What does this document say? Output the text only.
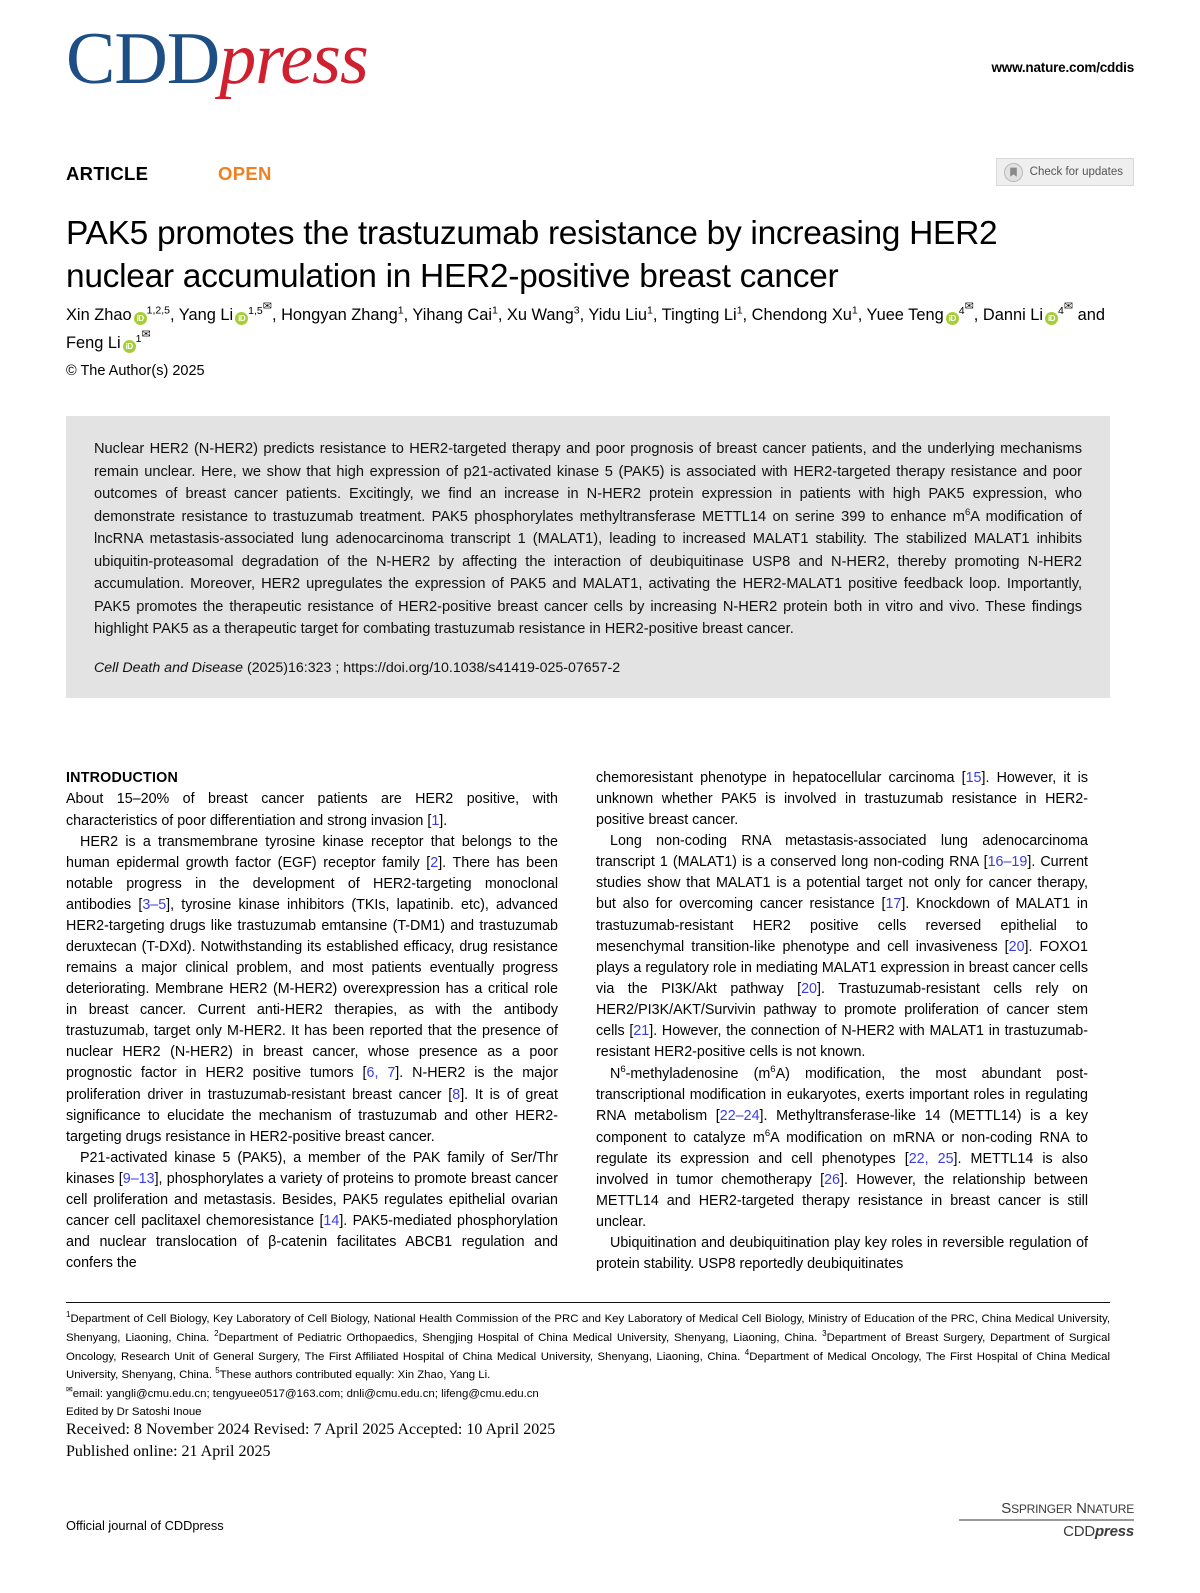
CDDpress	www.nature.com/cddis
ARTICLE	OPEN	Check for updates
PAK5 promotes the trastuzumab resistance by increasing HER2 nuclear accumulation in HER2-positive breast cancer
Xin Zhao iD$^{1,2,5}$, Yang Li $iD^{1,5✉}$, Hongyan Zhang$^1$, Yihang Cai$^1$, Xu Wang$^3$, Yidu Liu$^1$, Tingting Li$^1$, Chendong Xu$^1$, Yuee Teng $iD^{4✉}$, Danni Li $iD^{4✉}$ and Feng Li $iD^{1✉}$
© The Author(s) 2025
Nuclear HER2 (N-HER2) predicts resistance to HER2-targeted therapy and poor prognosis of breast cancer patients, and the underlying mechanisms remain unclear. Here, we show that high expression of p21-activated kinase 5 (PAK5) is associated with HER2-targeted therapy resistance and poor outcomes of breast cancer patients. Excitingly, we find an increase in N-HER2 protein expression in patients with high PAK5 expression, who demonstrate resistance to trastuzumab treatment. PAK5 phosphorylates methyltransferase METTL14 on serine 399 to enhance $m^6A$ modification of lncRNA metastasis-associated lung adenocarcinoma transcript 1 (MALAT1), leading to increased MALAT1 stability. The stabilized MALAT1 inhibits ubiquitin-proteasomal degradation of the N-HER2 by affecting the interaction of deubiquitinase USP8 and N-HER2, thereby promoting N-HER2 accumulation. Moreover, HER2 upregulates the expression of PAK5 and MALAT1, activating the HER2-MALAT1 positive feedback loop. Importantly, PAK5 promotes the therapeutic resistance of HER2-positive breast cancer cells by increasing N-HER2 protein both in vitro and vivo. These findings highlight PAK5 as a therapeutic target for combating trastuzumab resistance in HER2-positive breast cancer.
Cell Death and Disease (2025)16:323 ; https://doi.org/10.1038/s41419-025-07657-2
INTRODUCTION

About 15–20% of breast cancer patients are HER2 positive, with characteristics of poor differentiation and strong invasion [1].

HER2 is a transmembrane tyrosine kinase receptor that belongs to the human epidermal growth factor (EGF) receptor family [2]. There has been notable progress in the development of HER2-targeting monoclonal antibodies [3–5], tyrosine kinase inhibitors (TKIs, lapatinib. etc), advanced HER2-targeting drugs like trastuzumab emtansine (T-DM1) and trastuzumab deruxtecan (T-DXd). Notwithstanding its established efficacy, drug resistance remains a major clinical problem, and most patients eventually progress deteriorating. Membrane HER2 (M-HER2) overexpression has a critical role in breast cancer. Current anti-HER2 therapies, as with the antibody trastuzumab, target only M-HER2. It has been reported that the presence of nuclear HER2 (N-HER2) in breast cancer, whose presence as a poor prognostic factor in HER2 positive tumors [6, 7]. N-HER2 is the major proliferation driver in trastuzumab-resistant breast cancer [8]. It is of great significance to elucidate the mechanism of trastuzumab and other HER2-targeting drugs resistance in HER2-positive breast cancer.

P21-activated kinase 5 (PAK5), a member of the PAK family of Ser/Thr kinases [9–13], phosphorylates a variety of proteins to promote breast cancer cell proliferation and metastasis. Besides, PAK5 regulates epithelial ovarian cancer cell paclitaxel chemoresistance [14]. PAK5-mediated phosphorylation and nuclear translocation of β-catenin facilitates ABCB1 regulation and confers the

chemoresistant phenotype in hepatocellular carcinoma [15]. However, it is unknown whether PAK5 is involved in trastuzumab resistance in HER2-positive breast cancer.

Long non-coding RNA metastasis-associated lung adenocarcinoma transcript 1 (MALAT1) is a conserved long non-coding RNA [16–19]. Current studies show that MALAT1 is a potential target not only for cancer therapy, but also for overcoming cancer resistance [17]. Knockdown of MALAT1 in trastuzumab-resistant HER2 positive cells reversed epithelial to mesenchymal transition-like phenotype and cell invasiveness [20]. FOXO1 plays a regulatory role in mediating MALAT1 expression in breast cancer cells via the PI3K/Akt pathway [20]. Trastuzumab-resistant cells rely on HER2/PI3K/AKT/Survivin pathway to promote proliferation of cancer stem cells [21]. However, the connection of N-HER2 with MALAT1 in trastuzumab-resistant HER2-positive cells is not known.

$N^6$-methyladenosine $(m^6A)$ modification, the most abundant post-transcriptional modification in eukaryotes, exerts important roles in regulating RNA metabolism [22–24]. Methyltransferase-like 14 (METTL14) is a key component to catalyze $m^6A$ modification on mRNA or non-coding RNA to regulate its expression and cell phenotypes [22, 25]. METTL14 is also involved in tumor chemotherapy [26]. However, the relationship between METTL14 and HER2-targeted therapy resistance in breast cancer is still unclear.

Ubiquitination and deubiquitination play key roles in reversible regulation of protein stability. USP8 reportedly deubiquitinates

$^1$Department of Cell Biology, Key Laboratory of Cell Biology, National Health Commission of the PRC and Key Laboratory of Medical Cell Biology, Ministry of Education of the PRC, China Medical University, Shenyang, Liaoning, China. $^2$Department of Pediatric Orthopaedics, Shengjing Hospital of China Medical University, Shenyang, Liaoning, China. $^3$Department of Breast Surgery, Department of Surgical Oncology, Research Unit of General Surgery, The First Affiliated Hospital of China Medical University, Shenyang, Liaoning, China. $^4$Department of Medical Oncology, The First Hospital of China Medical University, Shenyang, China. $^5$These authors contributed equally: Xin Zhao, Yang Li.
✉email: yangli@cmu.edu.cn; tengyuee0517@163.com; dnli@cmu.edu.cn; lifeng@cmu.edu.cn
Edited by Dr Satoshi Inoue
Received: 8 November 2024 Revised: 7 April 2025 Accepted: 10 April 2025
Published online: 21 April 2025
Official journal of CDDpress
SSPRINGER NNATURE
CDDpress
